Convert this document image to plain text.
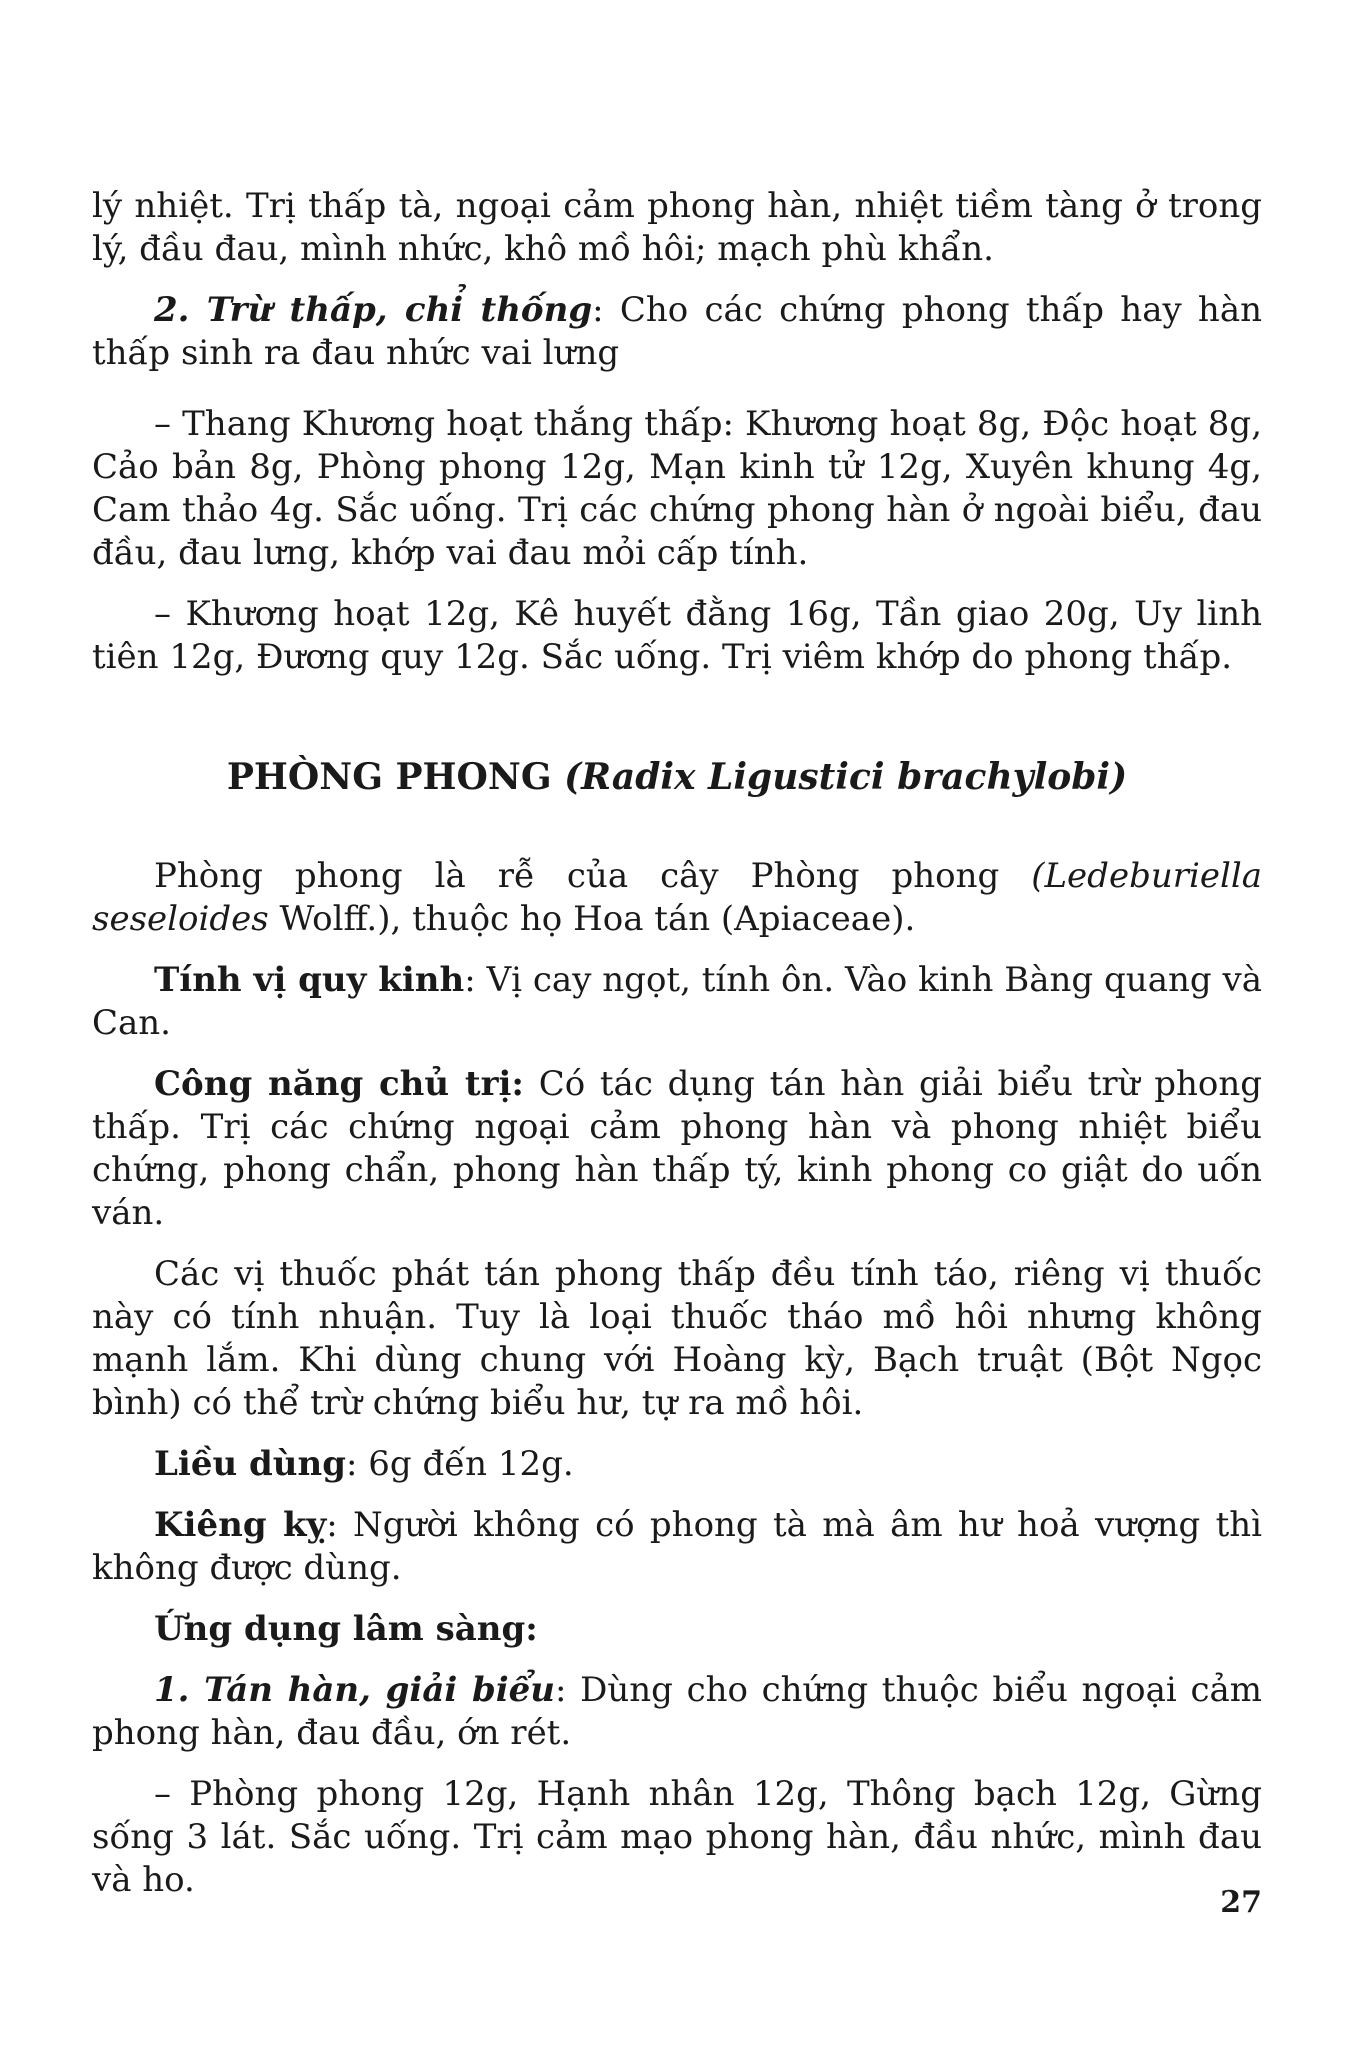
lý nhiệt. Trị thấp tà, ngoại cảm phong hàn, nhiệt tiềm tàng ở trong lý, đầu đau, mình nhức, khô mồ hôi; mạch phù khẩn.

2. Trừ thấp, chỉ thống: Cho các chứng phong thấp hay hàn thấp sinh ra đau nhức vai lưng

– Thang Khương hoạt thắng thấp: Khương hoạt 8g, Độc hoạt 8g, Cảo bản 8g, Phòng phong 12g, Mạn kinh tử 12g, Xuyên khung 4g, Cam thảo 4g. Sắc uống. Trị các chứng phong hàn ở ngoài biểu, đau đầu, đau lưng, khớp vai đau mỏi cấp tính.

– Khương hoạt 12g, Kê huyết đằng 16g, Tần giao 20g, Uy linh tiên 12g, Đương quy 12g. Sắc uống. Trị viêm khớp do phong thấp.

PHÒNG PHONG (Radix Ligustici brachylobi)

Phòng phong là rễ của cây Phòng phong (Ledeburiella seseloides Wolff.), thuộc họ Hoa tán (Apiaceae).

Tính vị quy kinh: Vị cay ngọt, tính ôn. Vào kinh Bàng quang và Can.

Công năng chủ trị: Có tác dụng tán hàn giải biểu trừ phong thấp. Trị các chứng ngoại cảm phong hàn và phong nhiệt biểu chứng, phong chẩn, phong hàn thấp tý, kinh phong co giật do uốn ván.

Các vị thuốc phát tán phong thấp đều tính táo, riêng vị thuốc này có tính nhuận. Tuy là loại thuốc tháo mồ hôi nhưng không mạnh lắm. Khi dùng chung với Hoàng kỳ, Bạch truật (Bột Ngọc bình) có thể trừ chứng biểu hư, tự ra mồ hôi.

Liều dùng: 6g đến 12g.

Kiêng kỵ: Người không có phong tà mà âm hư hoả vượng thì không được dùng.

Ứng dụng lâm sàng:

1. Tán hàn, giải biểu: Dùng cho chứng thuộc biểu ngoại cảm phong hàn, đau đầu, ớn rét.

– Phòng phong 12g, Hạnh nhân 12g, Thông bạch 12g, Gừng sống 3 lát. Sắc uống. Trị cảm mạo phong hàn, đầu nhức, mình đau và ho.

27
